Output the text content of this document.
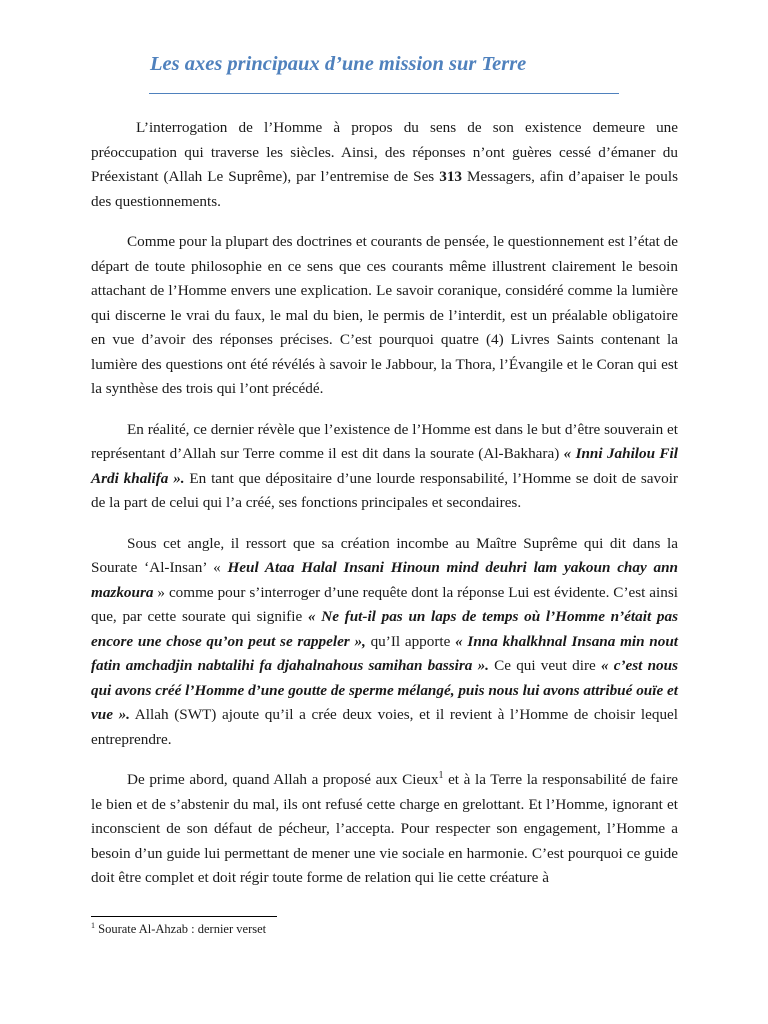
Les axes principaux d’une mission sur Terre

L’interrogation de l’Homme à propos du sens de son existence demeure une préoccupation qui traverse les siècles. Ainsi, des réponses n’ont guères cessé d’émaner du Préexistant (Allah Le Suprême), par l’entremise de Ses 313 Messagers, afin d’apaiser le pouls des questionnements.

Comme pour la plupart des doctrines et courants de pensée, le questionnement est l’état de départ de toute philosophie en ce sens que ces courants même illustrent clairement le besoin attachant de l’Homme envers une explication. Le savoir coranique, considéré comme la lumière qui discerne le vrai du faux, le mal du bien, le permis de l’interdit, est un préalable obligatoire en vue d’avoir des réponses précises. C’est pourquoi quatre (4) Livres Saints contenant la lumière des questions ont été révélés à savoir le Jabbour, la Thora, l’Évangile et le Coran qui est la synthèse des trois qui l’ont précédé.

En réalité, ce dernier révèle que l’existence de l’Homme est dans le but d’être souverain et représentant d’Allah sur Terre comme il est dit dans la sourate (Al-Bakhara) « Inni Jahilou Fil Ardi khalifa ». En tant que dépositaire d’une lourde responsabilité, l’Homme se doit de savoir de la part de celui qui l’a créé, ses fonctions principales et secondaires.

Sous cet angle, il ressort que sa création incombe au Maître Suprême qui dit dans la Sourate ‘Al-Insan’ « Heul Ataa Halal Insani Hinoun mind deuhri lam yakoun chay ann mazkoura » comme pour s’interroger d’une requête dont la réponse Lui est évidente. C’est ainsi que, par cette sourate qui signifie « Ne fut-il pas un laps de temps où l’Homme n’était pas encore une chose qu’on peut se rappeler », qu’Il apporte « Inna khalkhnal Insana min nout fatin amchadjin nabtalihi fa djahalnahous samihan bassira ». Ce qui veut dire « c’est nous qui avons créé l’Homme d’une goutte de sperme mélangé, puis nous lui avons attribué ouïe et vue ». Allah (SWT) ajoute qu’il a crée deux voies, et il revient à l’Homme de choisir lequel entreprendre.

De prime abord, quand Allah a proposé aux Cieux$^1$ et à la Terre la responsabilité de faire le bien et de s’abstenir du mal, ils ont refusé cette charge en grelottant. Et l’Homme, ignorant et inconscient de son défaut de pécheur, l’accepta. Pour respecter son engagement, l’Homme a besoin d’un guide lui permettant de mener une vie sociale en harmonie. C’est pourquoi ce guide doit être complet et doit régir toute forme de relation qui lie cette créature à

$^1$ Sourate Al-Ahzab : dernier verset
